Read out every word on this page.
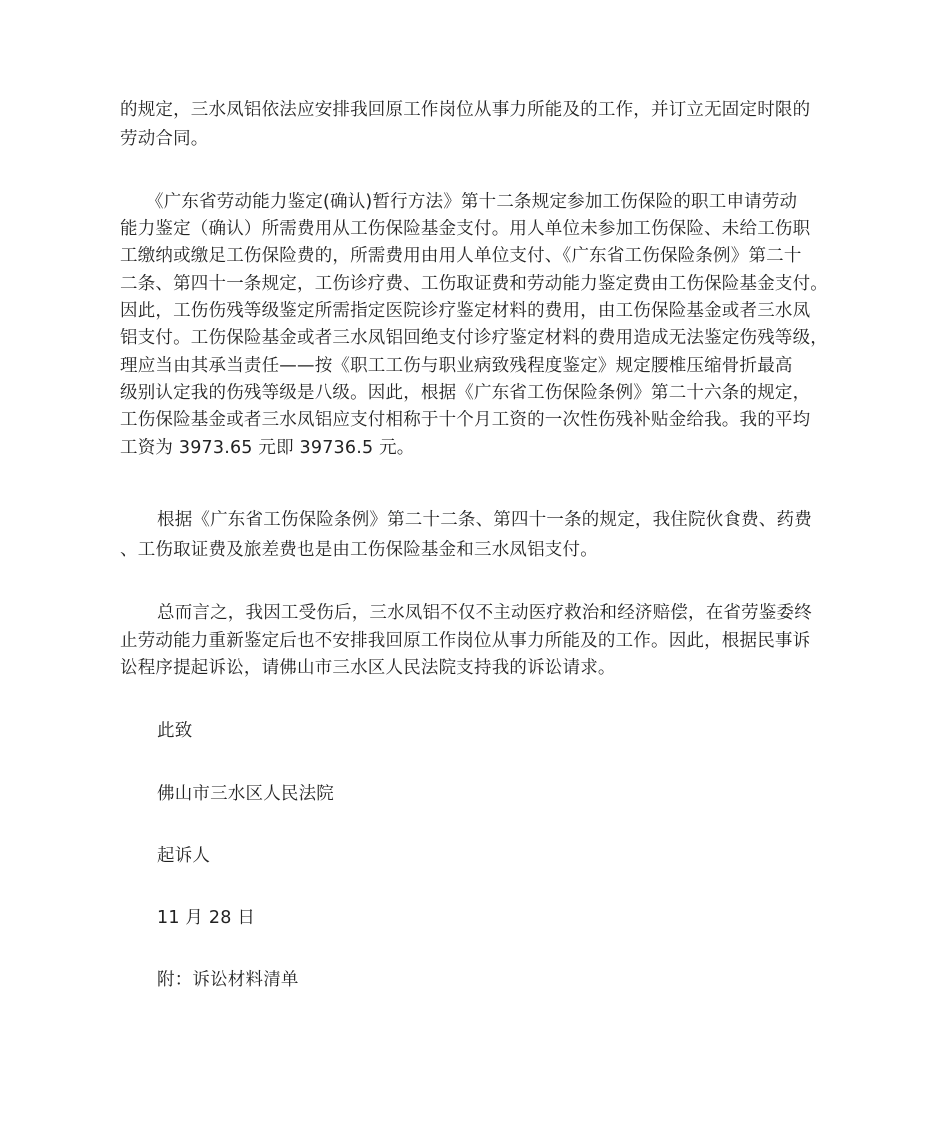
的规定，三水凤铝依法应安排我回原工作岗位从事力所能及的工作，并订立无固定时限的
劳动合同。
《广东省劳动能力鉴定(确认)暂行方法》第十二条规定参加工伤保险的职工申请劳动
能力鉴定（确认）所需费用从工伤保险基金支付。用人单位未参加工伤保险、未给工伤职
工缴纳或缴足工伤保险费的，所需费用由用人单位支付、《广东省工伤保险条例》第二十
二条、第四十一条规定，工伤诊疗费、工伤取证费和劳动能力鉴定费由工伤保险基金支付。
因此，工伤伤残等级鉴定所需指定医院诊疗鉴定材料的费用，由工伤保险基金或者三水凤
铝支付。工伤保险基金或者三水凤铝回绝支付诊疗鉴定材料的费用造成无法鉴定伤残等级，
理应当由其承当责任——按《职工工伤与职业病致残程度鉴定》规定腰椎压缩骨折最高
级别认定我的伤残等级是八级。因此，根据《广东省工伤保险条例》第二十六条的规定，
工伤保险基金或者三水凤铝应支付相称于十个月工资的一次性伤残补贴金给我。我的平均
工资为 3973.65 元即 39736.5 元。
根据《广东省工伤保险条例》第二十二条、第四十一条的规定，我住院伙食费、药费
、工伤取证费及旅差费也是由工伤保险基金和三水凤铝支付。
总而言之，我因工受伤后，三水凤铝不仅不主动医疗救治和经济赔偿，在省劳鉴委终
止劳动能力重新鉴定后也不安排我回原工作岗位从事力所能及的工作。因此，根据民事诉
讼程序提起诉讼，请佛山市三水区人民法院支持我的诉讼请求。
此致
佛山市三水区人民法院
起诉人
11 月 28 日
附：诉讼材料清单
